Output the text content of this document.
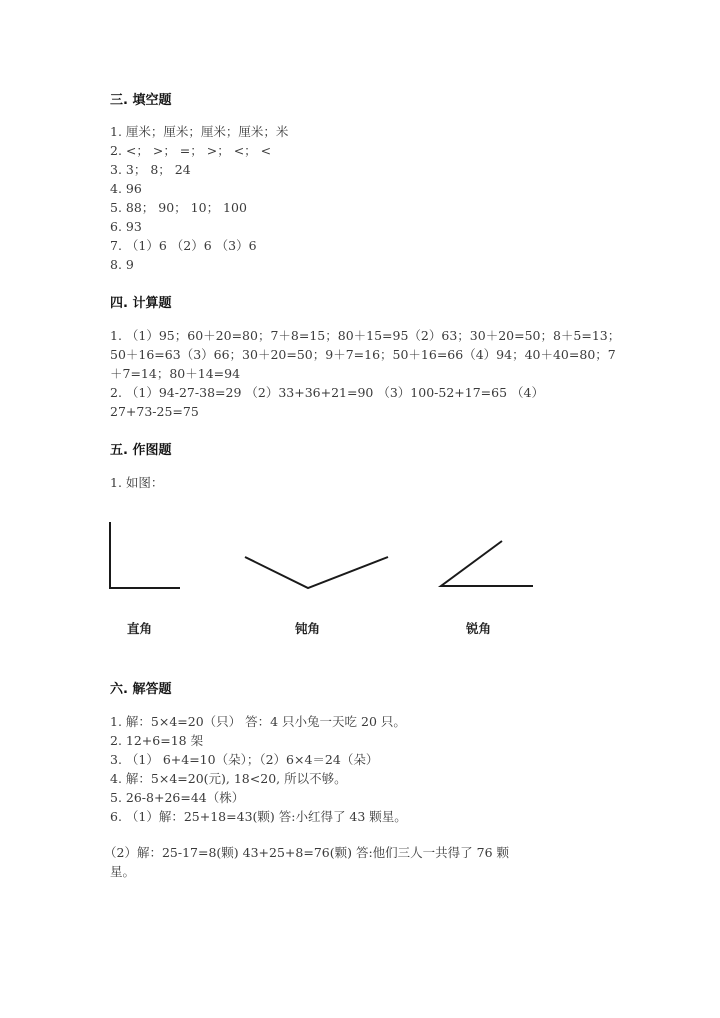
三. 填空题
1. 厘米；厘米；厘米；厘米；米
2. <； >； =； >； <； <
3. 3； 8； 24
4. 96
5. 88； 90； 10； 100
6. 93
7. （1）6 （2）6 （3）6
8. 9
四. 计算题
1. （1）95；60＋20=80；7＋8=15；80＋15=95（2）63；30＋20=50；8＋5=13；
50＋16=63（3）66；30＋20=50；9＋7=16；50＋16=66（4）94；40＋40=80；7
＋7=14；80＋14=94
2. （1）94-27-38=29 （2）33+36+21=90 （3）100-52+17=65 （4）
27+73-25=75
五. 作图题
1. 如图：
直角	钝角	锐角
六. 解答题
1. 解：5×4=20（只） 答：4 只小兔一天吃 20 只。
2. 12+6=18 架
3. （1） 6+4=10（朵）；（2）6×4＝24（朵）
4. 解：5×4=20(元), 18<20, 所以不够。
5. 26-8+26=44（株）
6. （1）解：25+18=43(颗) 答:小红得了 43 颗星。
（2）解：25-17=8(颗) 43+25+8=76(颗) 答:他们三人一共得了 76 颗
星。
